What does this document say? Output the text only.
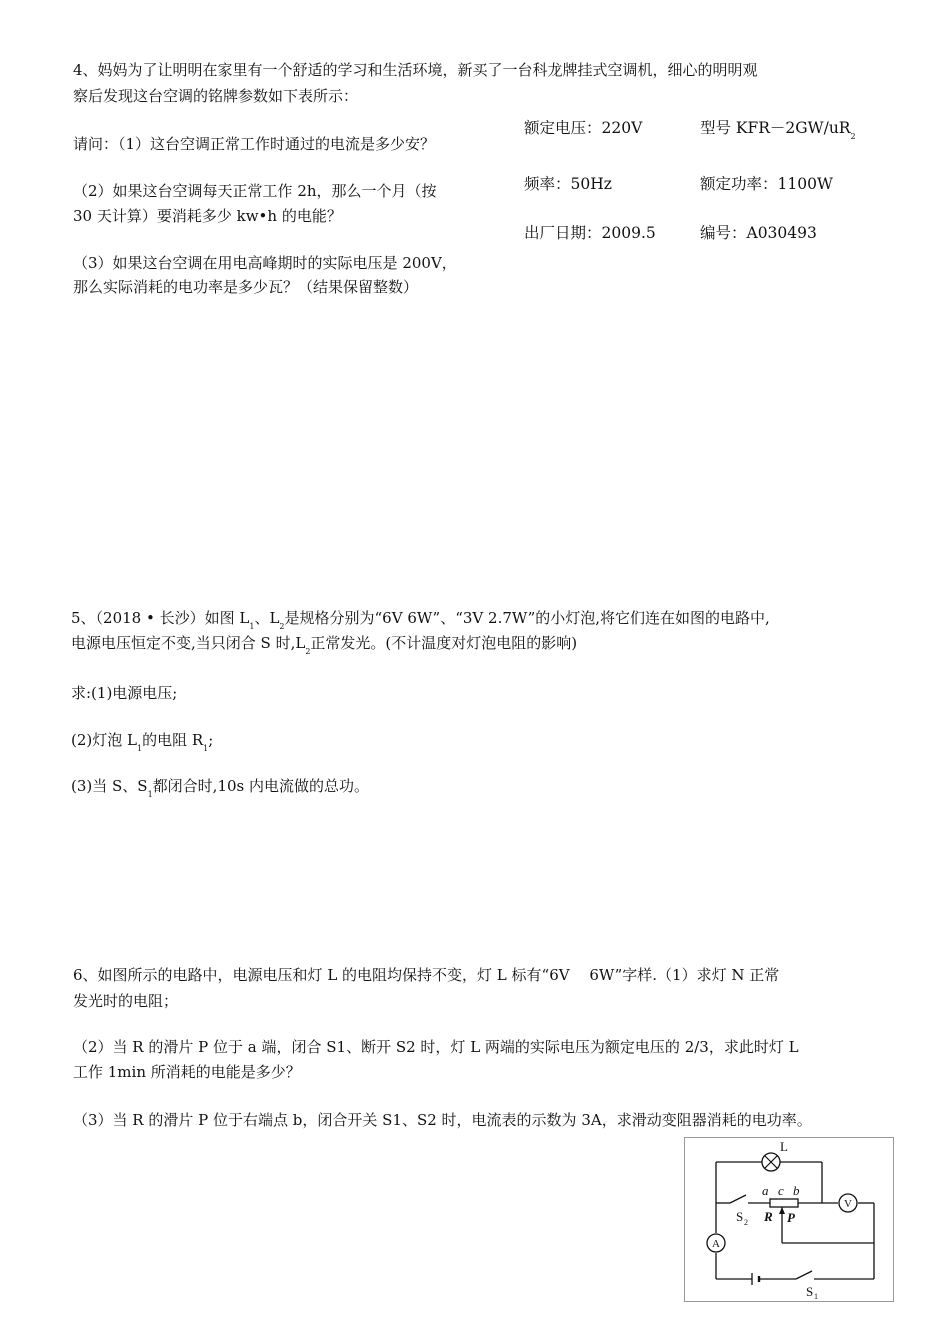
4、妈妈为了让明明在家里有一个舒适的学习和生活环境，新买了一台科龙牌挂式空调机，细心的明明观
察后发现这台空调的铭牌参数如下表所示：
请问：（1）这台空调正常工作时通过的电流是多少安？
（2）如果这台空调每天正常工作 2h，那么一个月（按
30 天计算）要消耗多少 kw•h 的电能？
（3）如果这台空调在用电高峰期时的实际电压是 200V，
那么实际消耗的电功率是多少瓦？（结果保留整数）
额定电压：220V	型号 $KFR-2GW/uR_2$
频率：50Hz	额定功率：1100W
出厂日期：2009.5	编号：A030493
5、（2018 • 长沙）如图 $L_1$、$L_2$是规格分别为“6V 6W”、“3V 2.7W”的小灯泡,将它们连在如图的电路中,
电源电压恒定不变,当只闭合 S 时$,L_2$正常发光。(不计温度对灯泡电阻的影响)
求:(1)电源电压;
(2)灯泡 $L_1$的电阻 $R_1$;
(3)当 S、$S_1$都闭合时,10s 内电流做的总功。
6、如图所示的电路中，电源电压和灯 L 的电阻均保持不变，灯 L 标有“6V 　6W”字样.（1）求灯 N 正常
发光时的电阻；
（2）当 R 的滑片 P 位于 a 端，闭合 S1、断开 S2 时，灯 L 两端的实际电压为额定电压的 2/3，求此时灯 L
工作 1min 所消耗的电能是多少？
（3）当 R 的滑片 P 位于右端点 b，闭合开关 S1、S2 时，电流表的示数为 3A，求滑动变阻器消耗的电功率。
L
A
V
a c b
R P
S 2
S 1
